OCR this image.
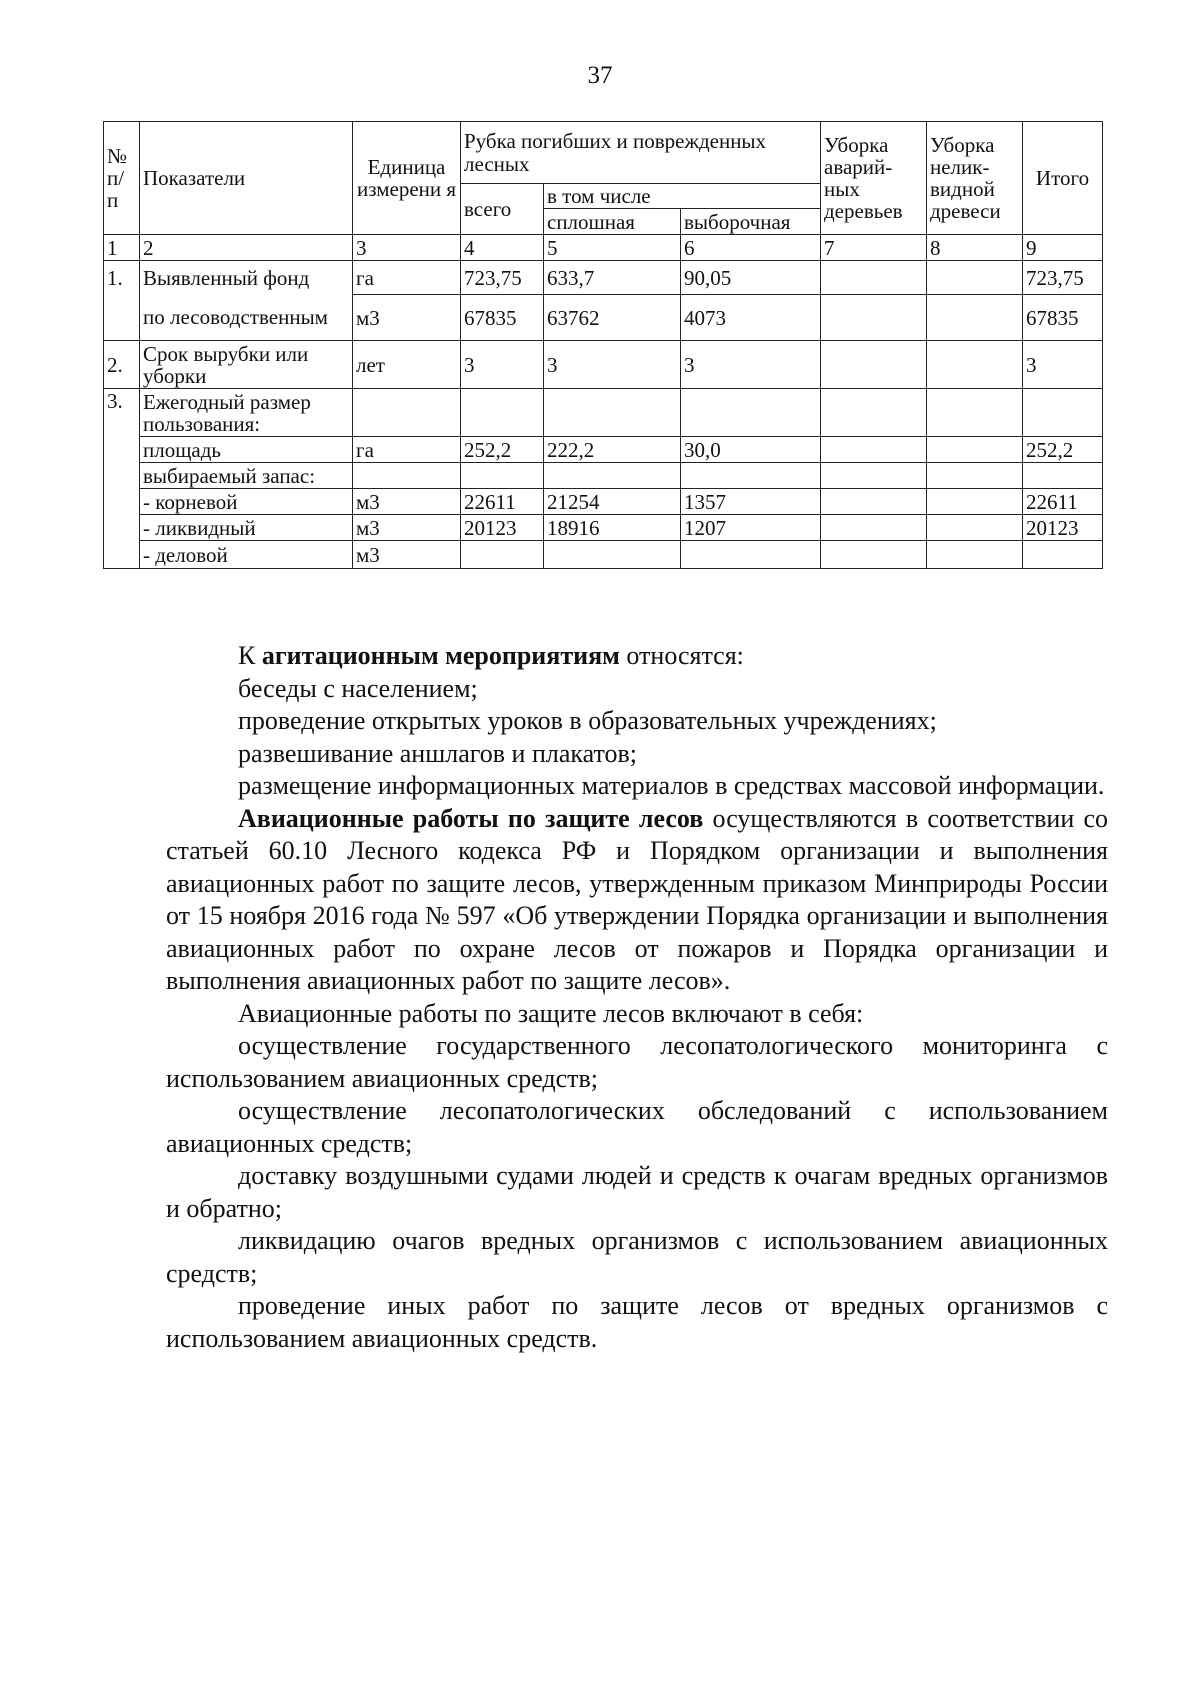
37
№ п/ п	Показатели	Единица измерени я	Рубка погибших и поврежденных лесных			Уборка аварий- ных деревьев	Уборка нелик- видной древеси	Итого
			всего	в том числе				
				сплошная	выборочная			
1	2	3	4	5	6	7	8	9
1.	Выявленный фонд	га	723,75	633,7	90,05			723,75
	по лесоводственным	м3	67835	63762	4073			67835
2.	Срок вырубки или уборки	лет	3	3	3			3
3.	Ежегодный размер пользования:							
	площадь	га	252,2	222,2	30,0			252,2
	выбираемый запас:							
	- корневой	м3	22611	21254	1357			22611
	- ликвидный	м3	20123	18916	1207			20123
	- деловой	м3						

К агитационным мероприятиям относятся:

беседы с населением;

проведение открытых уроков в образовательных учреждениях;

развешивание аншлагов и плакатов;

размещение информационных материалов в средствах массовой информации.

Авиационные работы по защите лесов осуществляются в соответствии со статьей 60.10 Лесного кодекса РФ и Порядком организации и выполнения авиационных работ по защите лесов, утвержденным приказом Минприроды России от 15 ноября 2016 года № 597 «Об утверждении Порядка организации и выполнения авиационных работ по охране лесов от пожаров и Порядка организации и выполнения авиационных работ по защите лесов».

Авиационные работы по защите лесов включают в себя:

осуществление государственного лесопатологического мониторинга с использованием авиационных средств;

осуществление лесопатологических обследований с использованием авиационных средств;

доставку воздушными судами людей и средств к очагам вредных организмов и обратно;

ликвидацию очагов вредных организмов с использованием авиационных средств;

проведение иных работ по защите лесов от вредных организмов с использованием авиационных средств.
